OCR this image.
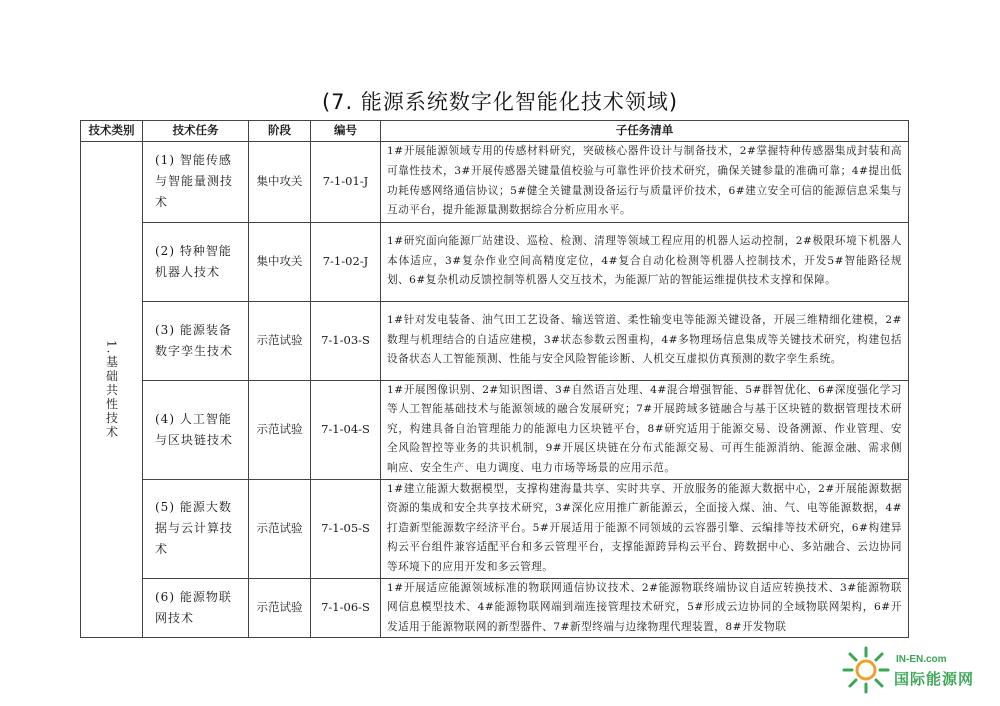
(7. 能源系统数字化智能化技术领域)
技术类别	技术任务	阶段	编号	子任务清单

1.基础共性技术	(1) 智能传感与智能量测技术	集中攻关	7-1-01-J	1#开展能源领域专用的传感材料研究，突破核心器件设计与制备技术，2#掌握特种传感器集成封装和高可靠性技术，3#开展传感器关键量值校验与可靠性评价技术研究，确保关键参量的准确可靠；4#提出低功耗传感网络通信协议；5#健全关键量测设备运行与质量评价技术，6#建立安全可信的能源信息采集与互动平台，提升能源量测数据综合分析应用水平。
	(2) 特种智能机器人技术	集中攻关	7-1-02-J	1#研究面向能源厂站建设、巡检、检测、清理等领域工程应用的机器人运动控制，2#极限环境下机器人本体适应，3#复杂作业空间高精度定位，4#复合自动化检测等机器人控制技术，开发5#智能路径规划、6#复杂机动反馈控制等机器人交互技术，为能源厂站的智能运维提供技术支撑和保障。
	(3) 能源装备数字孪生技术	示范试验	7-1-03-S	1#针对发电装备、油气田工艺设备、输送管道、柔性输变电等能源关键设备，开展三维精细化建模，2#数理与机理结合的自适应建模，3#状态参数云图重构，4#多物理场信息集成等关键技术研究，构建包括设备状态人工智能预测、性能与安全风险智能诊断、人机交互虚拟仿真预测的数字孪生系统。
	(4) 人工智能与区块链技术	示范试验	7-1-04-S	1#开展图像识别、2#知识图谱、3#自然语言处理、4#混合增强智能、5#群智优化、6#深度强化学习等人工智能基础技术与能源领域的融合发展研究；7#开展跨域多链融合与基于区块链的数据管理技术研究，构建具备自治管理能力的能源电力区块链平台，8#研究适用于能源交易、设备溯源、作业管理、安全风险智控等业务的共识机制，9#开展区块链在分布式能源交易、可再生能源消纳、能源金融、需求侧响应、安全生产、电力调度、电力市场等场景的应用示范。
	(5) 能源大数据与云计算技术	示范试验	7-1-05-S	1#建立能源大数据模型，支撑构建海量共享、实时共享、开放服务的能源大数据中心，2#开展能源数据资源的集成和安全共享技术研究，3#深化应用推广新能源云，全面接入煤、油、气、电等能源数据，4#打造新型能源数字经济平台。5#开展适用于能源不同领域的云容器引擎、云编排等技术研究，6#构建异构云平台组件兼容适配平台和多云管理平台，支撑能源跨异构云平台、跨数据中心、多站融合、云边协同等环境下的应用开发和多云管理。
	(6) 能源物联网技术	示范试验	7-1-06-S	1#开展适应能源领域标准的物联网通信协议技术、2#能源物联终端协议自适应转换技术、3#能源物联网信息模型技术、4#能源物联网端到端连接管理技术研究，5#形成云边协同的全域物联网架构，6#开发适用于能源物联网的新型器件、7#新型终端与边缘物理代理装置，8#开发物联
IN-EN.com
国际能源网
